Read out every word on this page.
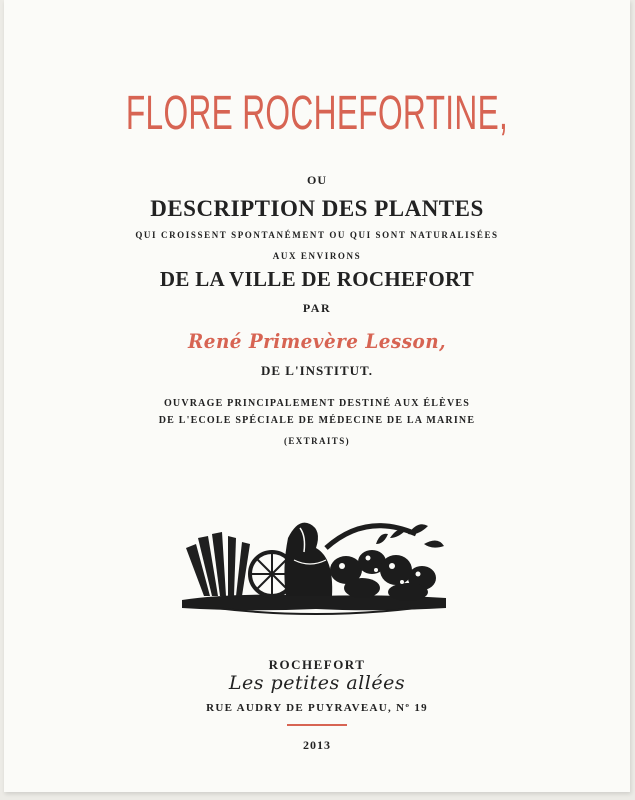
FLORE ROCHEFORTINE,
OU
DESCRIPTION DES PLANTES
QUI CROISSENT SPONTANÉMENT OU QUI SONT NATURALISÉES
AUX ENVIRONS
DE LA VILLE DE ROCHEFORT
PAR
René Primevère Lesson,
DE L'INSTITUT.
OUVRAGE PRINCIPALEMENT DESTINÉ AUX ÉLÈVES
DE L'ECOLE SPÉCIALE DE MÉDECINE DE LA MARINE
(EXTRAITS)
ROCHEFORT
Les petites allées
RUE AUDRY DE PUYRAVEAU, Nº 19
2013
